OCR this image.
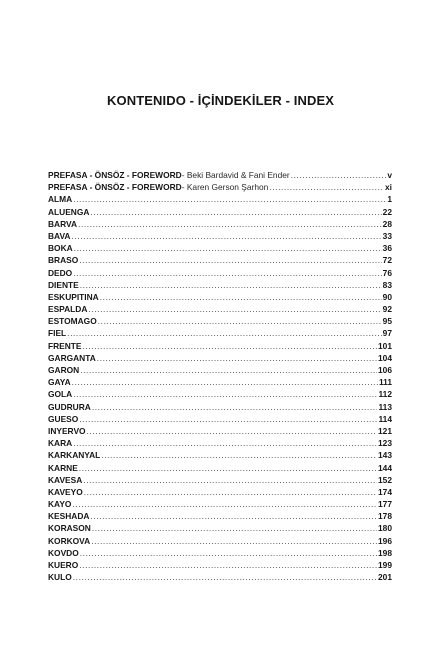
KONTENIDO - İÇİNDEKİLER - INDEX
PREFASA - ÖNSÖZ - FOREWORD - Beki Bardavid & Fani Ender .....	v
PREFASA - ÖNSÖZ - FOREWORD - Karen Gerson Şarhon .....	xi
ALMA .....	1
ALUENGA .....	22
BARVA .....	28
BAVA .....	33
BOKA .....	36
BRASO .....	72
DEDO .....	76
DIENTE .....	83
ESKUPITINA .....	90
ESPALDA .....	92
ESTOMAGO .....	95
FIEL .....	97
FRENTE .....	101
GARGANTA .....	104
GARON .....	106
GAYA .....	111
GOLA .....	112
GUDRURA .....	113
GUESO .....	114
INYERVO .....	121
KARA .....	123
KARKANYAL .....	143
KARNE .....	144
KAVESA .....	152
KAVEYO .....	174
KAYO .....	177
KESHADA .....	178
KORASON .....	180
KORKOVA .....	196
KOVDO .....	198
KUERO .....	199
KULO .....	201
